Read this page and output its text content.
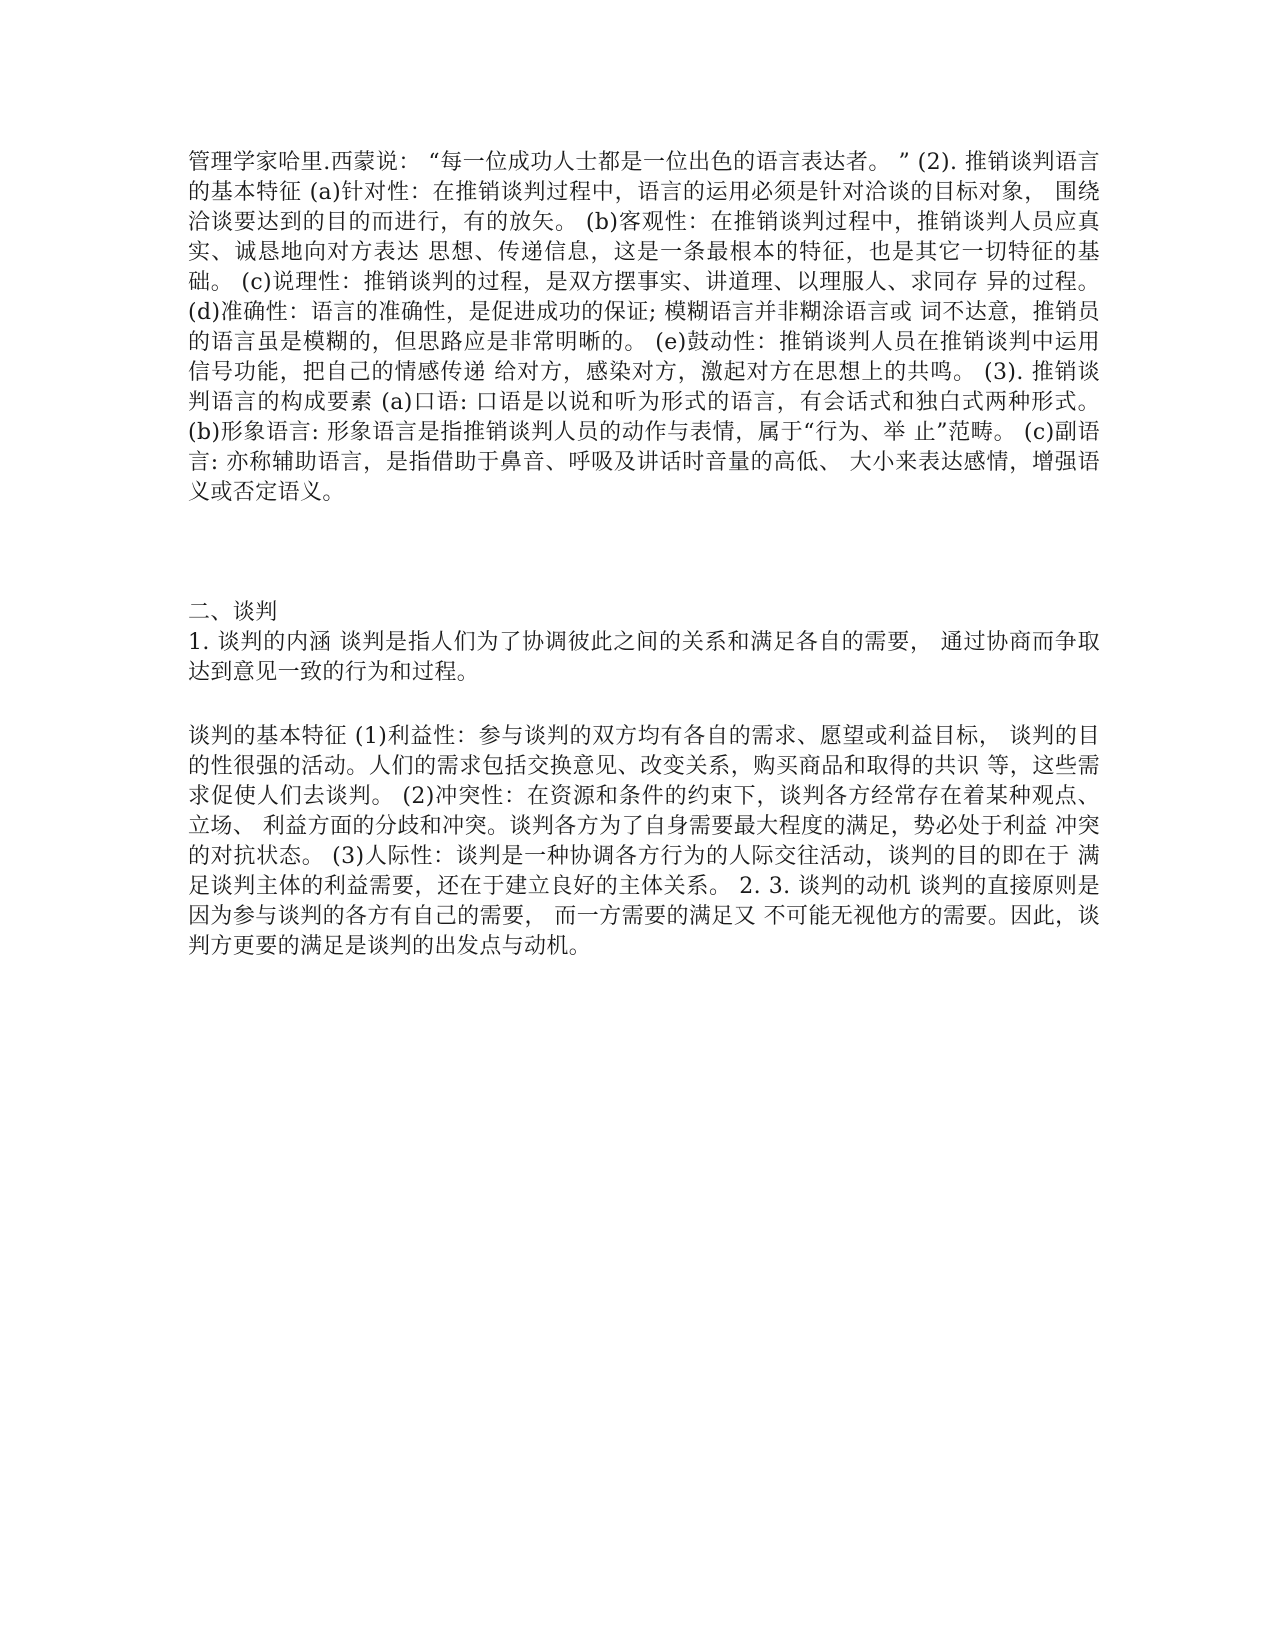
管理学家哈里.西蒙说： “每一位成功人士都是一位出色的语言表达者。 ” (2). 推销谈判语言的基本特征 (a)针对性：在推销谈判过程中，语言的运用必须是针对洽谈的目标对象， 围绕洽谈要达到的目的而进行，有的放矢。 (b)客观性：在推销谈判过程中，推销谈判人员应真实、诚恳地向对方表达 思想、传递信息，这是一条最根本的特征，也是其它一切特征的基础。 (c)说理性：推销谈判的过程，是双方摆事实、讲道理、以理服人、求同存 异的过程。 (d)准确性：语言的准确性，是促进成功的保证; 模糊语言并非糊涂语言或 词不达意，推销员的语言虽是模糊的，但思路应是非常明晰的。 (e)鼓动性：推销谈判人员在推销谈判中运用信号功能，把自己的情感传递 给对方，感染对方，激起对方在思想上的共鸣。 (3). 推销谈判语言的构成要素 (a)口语: 口语是以说和听为形式的语言，有会话式和独白式两种形式。 (b)形象语言: 形象语言是指推销谈判人员的动作与表情，属于“行为、举 止”范畴。 (c)副语言: 亦称辅助语言，是指借助于鼻音、呼吸及讲话时音量的高低、 大小来表达感情，增强语义或否定语义。
二、谈判
1. 谈判的内涵 谈判是指人们为了协调彼此之间的关系和满足各自的需要， 通过协商而争取 达到意见一致的行为和过程。
谈判的基本特征 (1)利益性：参与谈判的双方均有各自的需求、愿望或利益目标， 谈判的目 的性很强的活动。人们的需求包括交换意见、改变关系，购买商品和取得的共识 等，这些需求促使人们去谈判。 (2)冲突性：在资源和条件的约束下，谈判各方经常存在着某种观点、立场、 利益方面的分歧和冲突。谈判各方为了自身需要最大程度的满足，势必处于利益 冲突的对抗状态。 (3)人际性：谈判是一种协调各方行为的人际交往活动，谈判的目的即在于 满足谈判主体的利益需要，还在于建立良好的主体关系。 2. 3. 谈判的动机 谈判的直接原则是因为参与谈判的各方有自己的需要， 而一方需要的满足又 不可能无视他方的需要。因此，谈判方更要的满足是谈判的出发点与动机。
